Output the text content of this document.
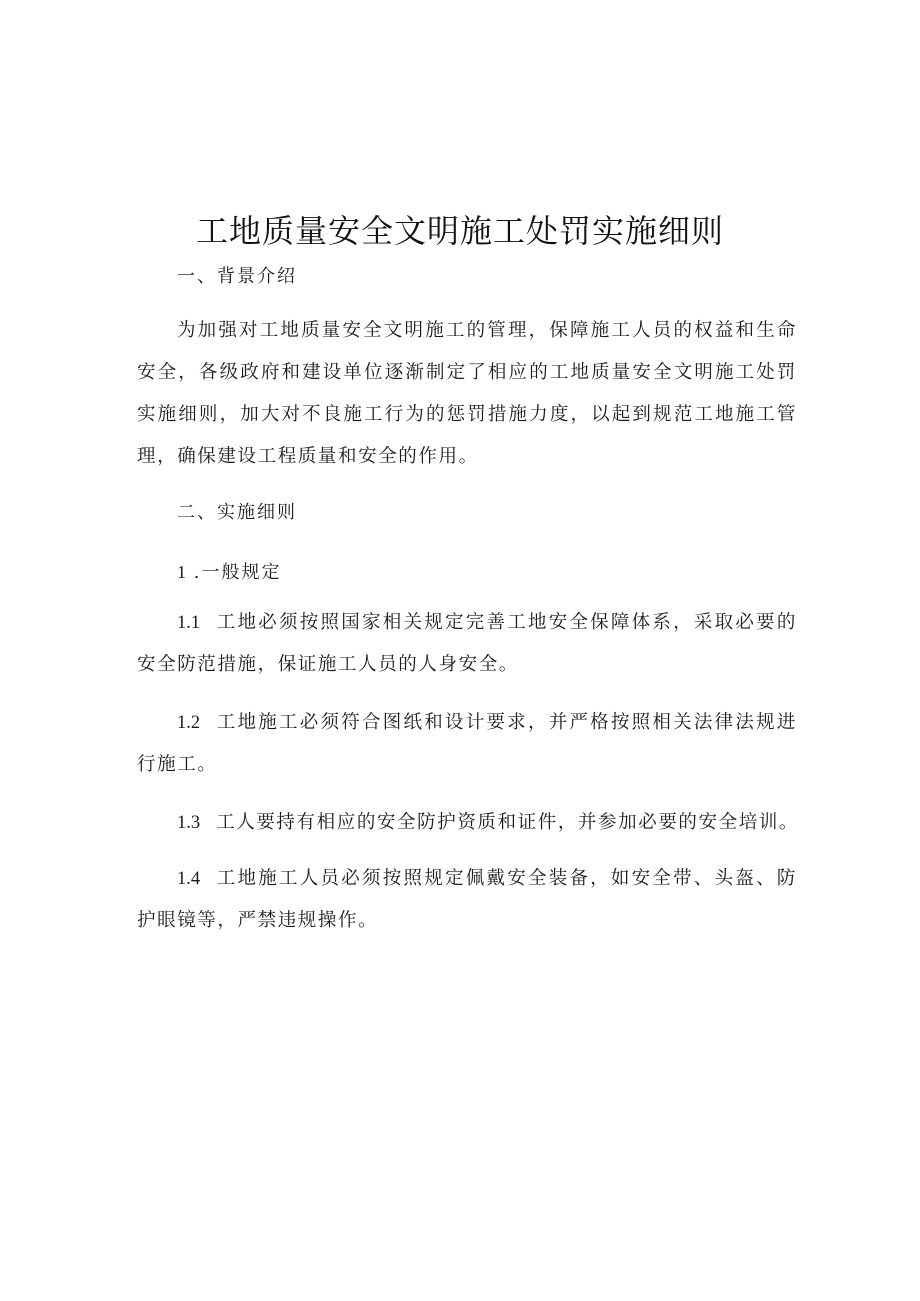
工地质量安全文明施工处罚实施细则
一、背景介绍

为加强对工地质量安全文明施工的管理，保障施工人员的权益和生命安全，各级政府和建设单位逐渐制定了相应的工地质量安全文明施工处罚实施细则，加大对不良施工行为的惩罚措施力度，以起到规范工地施工管理，确保建设工程质量和安全的作用。

二、实施细则
1 .一般规定

1.1 工地必须按照国家相关规定完善工地安全保障体系，采取必要的安全防范措施，保证施工人员的人身安全。

1.2 工地施工必须符合图纸和设计要求，并严格按照相关法律法规进行施工。

1.3 工人要持有相应的安全防护资质和证件，并参加必要的安全培训。

1.4 工地施工人员必须按照规定佩戴安全装备，如安全带、头盔、防护眼镜等，严禁违规操作。
